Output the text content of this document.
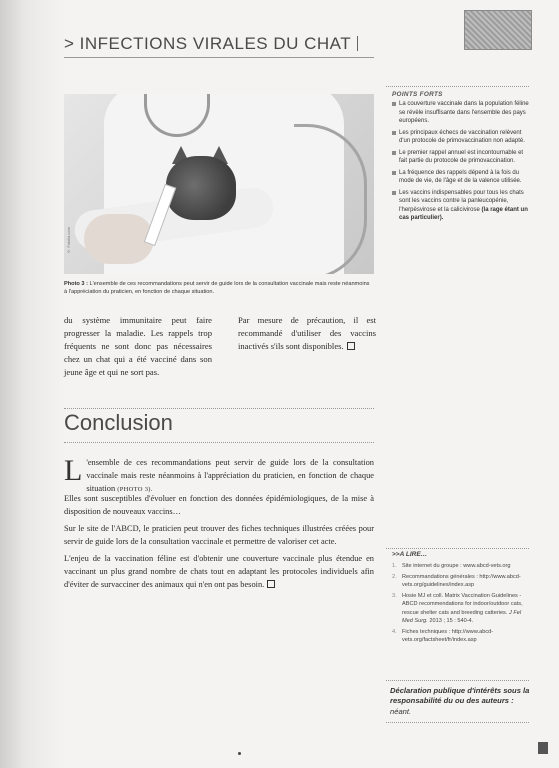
> INFECTIONS VIRALES DU CHAT
© Fotolia.com
Photo 3 : L'ensemble de ces recommandations peut servir de guide lors de la consultation vaccinale mais reste néanmoins à l'appréciation du praticien, en fonction de chaque situation.
du système immunitaire peut faire progresser la maladie. Les rappels trop fréquents ne sont donc pas nécessaires chez un chat qui a été vacciné dans son jeune âge et qui ne sort pas.
Par mesure de précaution, il est recommandé d'utiliser des vaccins inactivés s'ils sont disponibles.
Conclusion
L 'ensemble de ces recommandations peut servir de guide lors de la consultation vaccinale mais reste néanmoins à l'appréciation du praticien, en fonction de chaque situation (PHOTO 3).
Elles sont susceptibles d'évoluer en fonction des données épidémiologiques, de la mise à disposition de nouveaux vaccins…
Sur le site de l'ABCD, le praticien peut trouver des fiches techniques illustrées créées pour servir de guide lors de la consultation vaccinale et permettre de valoriser cet acte.
L'enjeu de la vaccination féline est d'obtenir une couverture vaccinale plus étendue en vaccinant un plus grand nombre de chats tout en adaptant les protocoles individuels afin d'éviter de survacciner des animaux qui n'en ont pas besoin.
POINTS FORTS
La couverture vaccinale dans la population féline se révèle insuffisante dans l'ensemble des pays européens.
Les principaux échecs de vaccination relèvent d'un protocole de primovaccination non adapté.
Le premier rappel annuel est incontournable et fait partie du protocole de primovaccination.
La fréquence des rappels dépend à la fois du mode de vie, de l'âge et de la valence utilisée.
Les vaccins indispensables pour tous les chats sont les vaccins contre la panleucopénie, l'herpèsvirose et la calicivirose (la rage étant un cas particulier).
>>A LIRE…
1. Site internet du groupe : www.abcd-vets.org
2. Recommandations générales : http://www.abcd-vets.org/guidelines/index.asp
3. Hosie MJ et coll. Matrix Vaccination Guidelines - ABCD recommendations for indoor/outdoor cats, rescue shelter cats and breeding catteries. J Fel Med Surg. 2013 ; 15 : 540-4.
4. Fiches techniques : http://www.abcd-vets.org/factsheet/fr/index.asp
Déclaration publique d'intérêts sous la responsabilité du ou des auteurs : néant.
